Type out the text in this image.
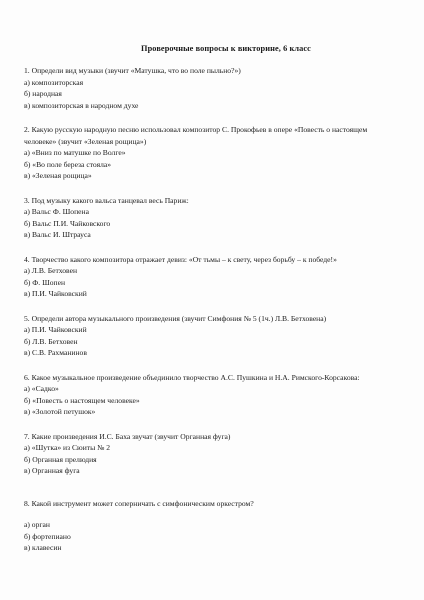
Проверочные вопросы к викторине, 6 класс
1. Определи вид музыки (звучит «Матушка, что во поле пыльно?»)
а) композиторская
б) народная
в) композиторская в народном духе
2. Какую русскую народную песню использовал композитор С. Прокофьев в опере «Повесть о настоящем человеке» (звучит «Зеленая рощица»)
а) «Вниз по матушке по Волге»
б) «Во поле береза стояла»
в) «Зеленая рощица»
3. Под музыку какого вальса танцевал весь Париж:
а) Вальс Ф. Шопена
б) Вальс П.И. Чайковского
в) Вальс И. Штрауса
4. Творчество какого композитора отражает девиз: «От тьмы – к свету, через борьбу – к победе!»
а) Л.В. Бетховен
б) Ф. Шопен
в) П.И. Чайковский
5. Определи автора музыкального произведения (звучит Симфония № 5 (1ч.) Л.В. Бетховена)
а) П.И. Чайковский
б) Л.В. Бетховен
в) С.В. Рахманинов
6. Какое музыкальное произведение объединило творчество А.С. Пушкина и Н.А. Римского-Корсакова:
а) «Садко»
б) «Повесть о настоящем человеке»
в) «Золотой петушок»
7. Какие произведения И.С. Баха звучат (звучит Органная фуга)
а) «Шутка» из Сюиты № 2
б) Органная прелюдия
в) Органная фуга
8. Какой инструмент может соперничать с симфоническим оркестром?
а) орган
б) фортепиано
в) клавесин
